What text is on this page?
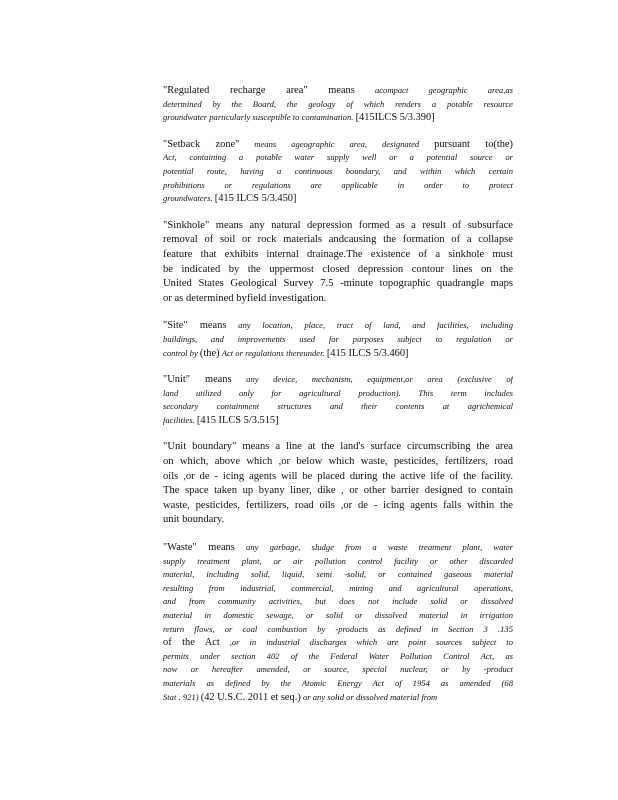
"Regulated recharge area" means acompact geographic area,as
determined by the Board, the geology of which renders a potable resource
groundwater particularly susceptible to contamination. [415ILCS 5/3.390]
"Setback zone" means ageographic area, designated pursuant to(the)
Act, containing a potable water supply well or a potential source or
potential route, having a continuous boundary, and within which certain
prohibitions or regulations are applicable in order to protect
groundwaters. [415 ILCS 5/3.450]
"Sinkhole" means any natural depression formed as a result of subsurface
removal of soil or rock materials andcausing the formation of a collapse
feature that exhibits internal drainage.The existence of a sinkhole must
be indicated by the uppermost closed depression contour lines on the
United States Geological Survey 7.5 -minute topographic quadrangle maps
or as determined byfield investigation.
"Site" means any location, place, tract of land, and facilities, including
buildings, and improvements used for purposes subject to regulation or
control by (the) Act or regulations thereunder. [415 ILCS 5/3.460]
"Unit" means any device, mechanism, equipment,or area (exclusive of
land utilized only for agricultural production). This term includes
secondary containment structures and their contents at agrichemical
facilities. [415 ILCS 5/3.515]
"Unit boundary" means a line at the land's surface circumscribing the area
on which, above which ,or below which waste, pesticides, fertilizers, road
oils ,or de - icing agents will be placed during the active life of the facility.
The space taken up byany liner, dike , or other barrier designed to contain
waste, pesticides, fertilizers, road oils ,or de - icing agents falls within the
unit boundary.
"Waste" means any garbage, sludge from a waste treatment plant, water
supply treatment plant, or air pollution control facility or other discarded
material, including solid, liquid, semi -solid, or contained gaseous material
resulting from industrial, commercial, mining and agricultural operations,
and from community activities, but does not include solid or dissolved
material in domestic sewage, or solid or dissolved material in irrigation
return flows, or coal combustion by -products as defined in Section 3 .135
of the Act ,or in industrial discharges which are point sources subject to
permits under section 402 of the Federal Water Pollution Control Act, as
now or hereafter amended, or source, special nuclear, or by -product
materials as defined by the Atomic Energy Act of 1954 as amended (68
Stat . 921) (42 U.S.C. 2011 et seq.) or any solid or dissolved material from
